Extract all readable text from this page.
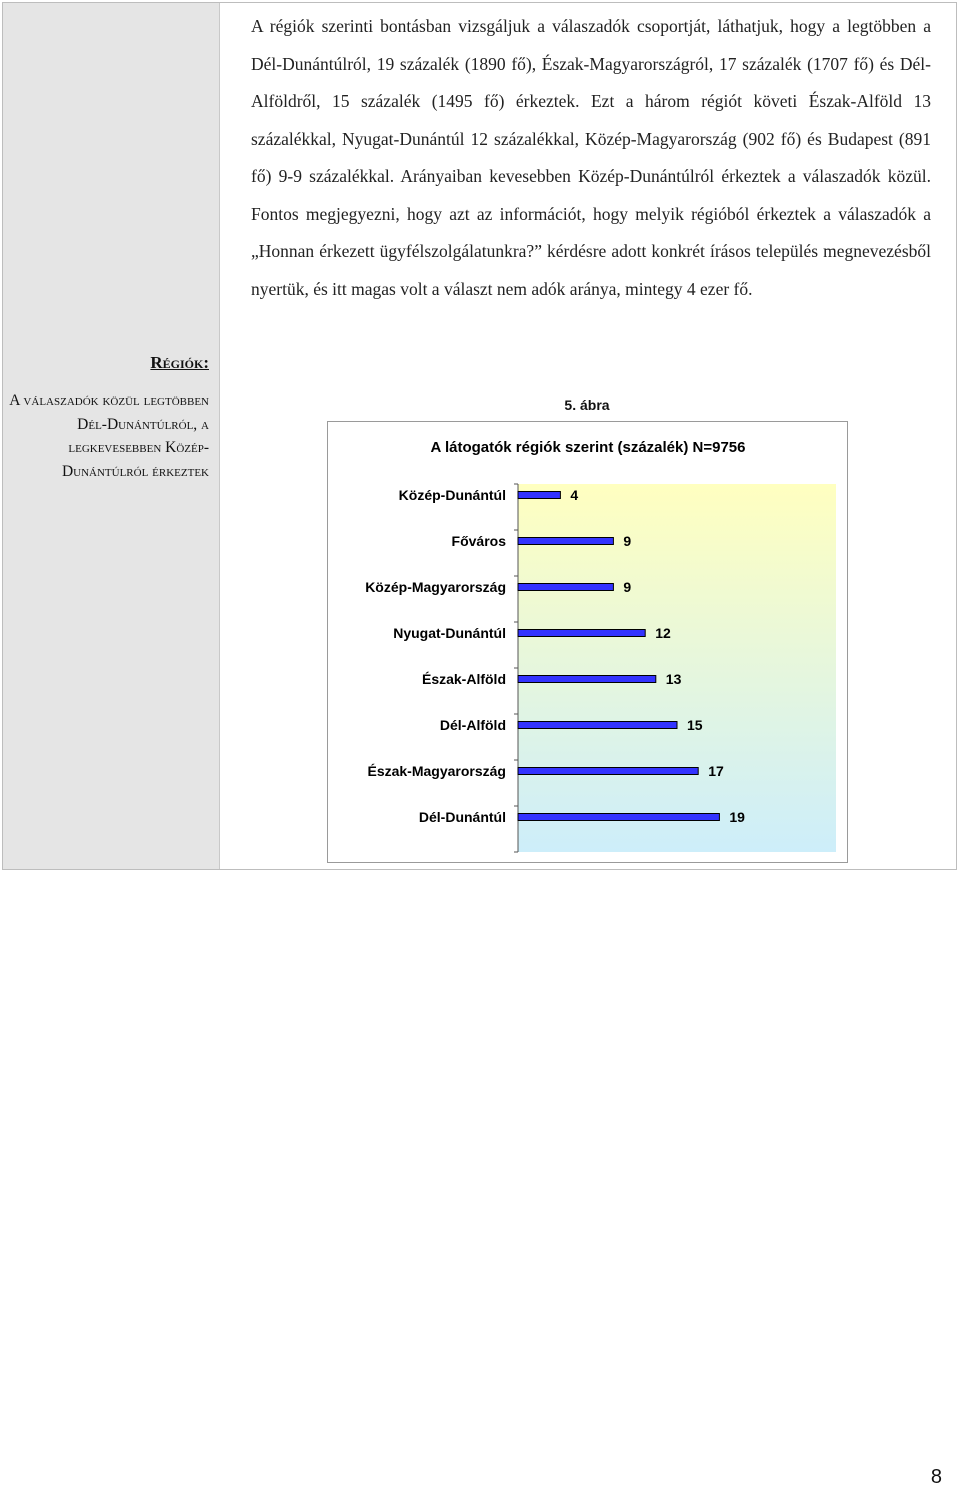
Régiók:
A válaszadók közül legtöbben Dél-Dunántúlról, a legkevesebben Közép-Dunántúlról érkeztek

A régiók szerinti bontásban vizsgáljuk a válaszadók csoportját, láthatjuk, hogy a legtöbben a Dél-Dunántúlról, 19 százalék (1890 fő), Észak-Magyarországról, 17 százalék (1707 fő) és Dél-Alföldről, 15 százalék (1495 fő) érkeztek. Ezt a három régiót követi Észak-Alföld 13 százalékkal, Nyugat-Dunántúl 12 százalékkal, Közép-Magyarország (902 fő) és Budapest (891 fő) 9-9 százalékkal. Arányaiban kevesebben Közép-Dunántúlról érkeztek a válaszadók közül. Fontos megjegyezni, hogy azt az információt, hogy melyik régióból érkeztek a válaszadók a „Honnan érkezett ügyfélszolgálatunkra?” kérdésre adott konkrét írásos település megnevezésből nyertük, és itt magas volt a választ nem adók aránya, mintegy 4 ezer fő.

5. ábra
A látogatók régiók szerint (százalék) N=9756
4
9
9
12
13
15
17
19
Közép-Dunántúl
Főváros
Közép-Magyarország
Nyugat-Dunántúl
Észak-Alföld
Dél-Alföld
Észak-Magyarország
Dél-Dunántúl
8
